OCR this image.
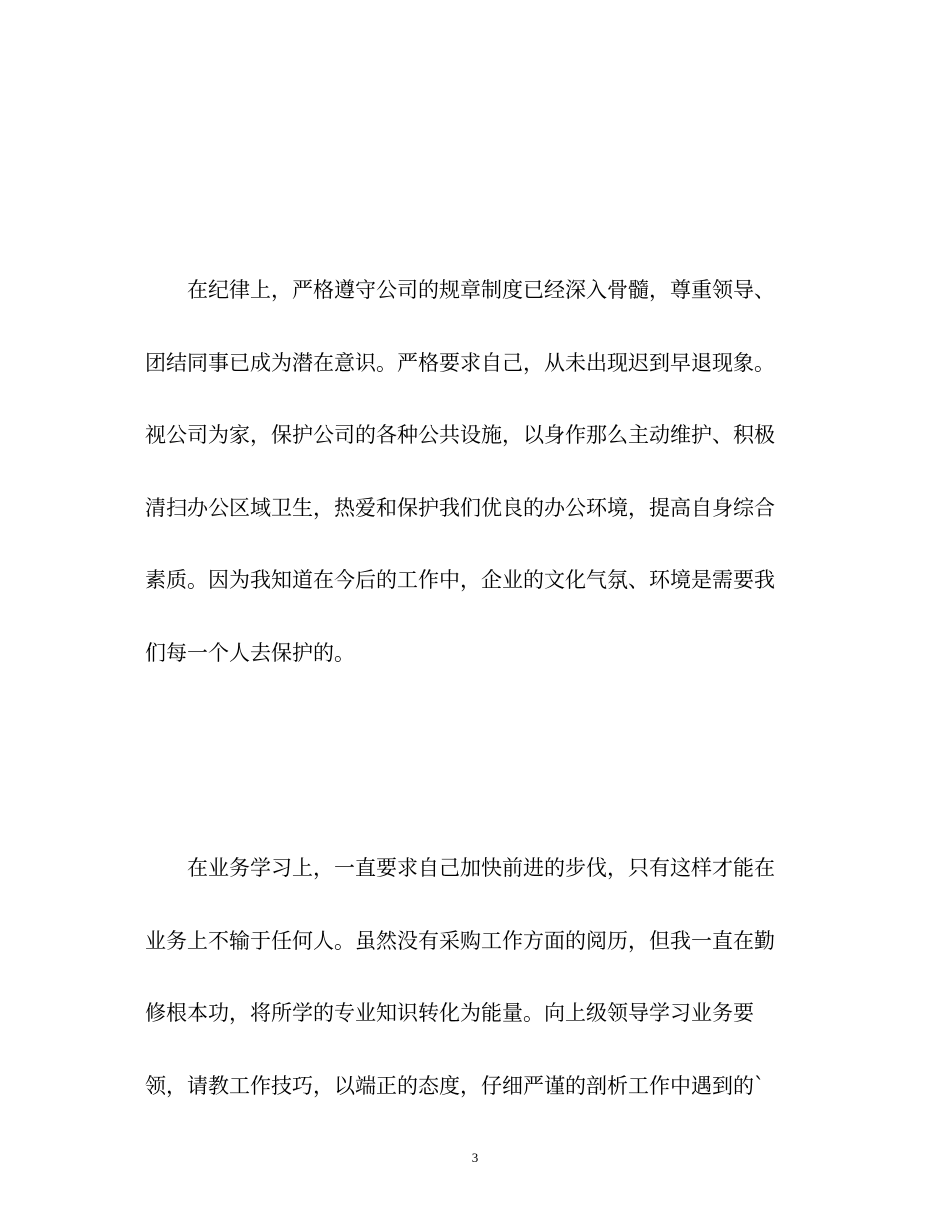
　　在纪律上，严格遵守公司的规章制度已经深入骨髓，尊重领导、
团结同事已成为潜在意识。严格要求自己，从未出现迟到早退现象。
视公司为家，保护公司的各种公共设施，以身作那么主动维护、积极
清扫办公区域卫生，热爱和保护我们优良的办公环境，提高自身综合
素质。因为我知道在今后的工作中，企业的文化气氛、环境是需要我
们每一个人去保护的。
　　在业务学习上，一直要求自己加快前进的步伐，只有这样才能在
业务上不输于任何人。虽然没有采购工作方面的阅历，但我一直在勤
修根本功，将所学的专业知识转化为能量。向上级领导学习业务要
领，请教工作技巧，以端正的态度，仔细严谨的剖析工作中遇到的`
3
